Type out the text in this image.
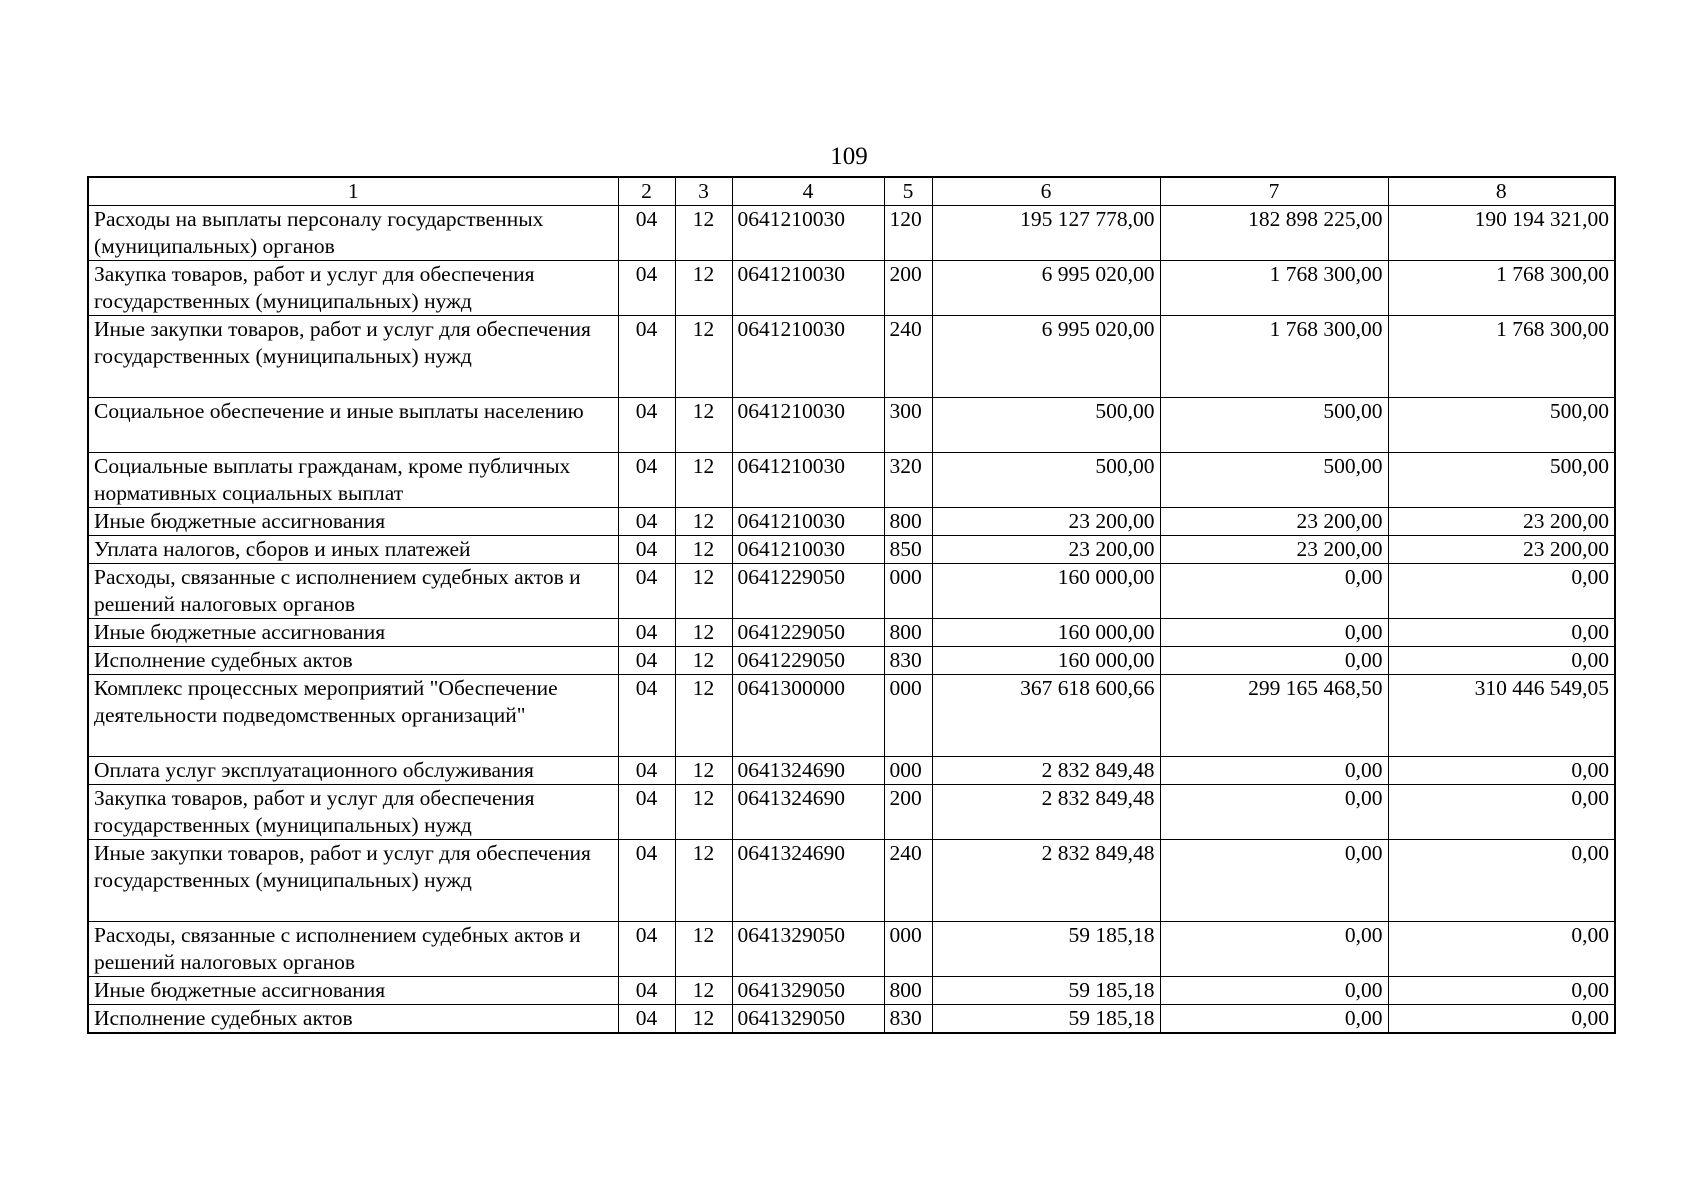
109
1	2	3	4	5	6	7	8
Расходы на выплаты персоналу государственных (муниципальных) органов	04	12	0641210030	120	195 127 778,00	182 898 225,00	190 194 321,00
Закупка товаров, работ и услуг для обеспечения государственных (муниципальных) нужд	04	12	0641210030	200	6 995 020,00	1 768 300,00	1 768 300,00
Иные закупки товаров, работ и услуг для обеспечения государственных (муниципальных) нужд	04	12	0641210030	240	6 995 020,00	1 768 300,00	1 768 300,00
Социальное обеспечение и иные выплаты населению	04	12	0641210030	300	500,00	500,00	500,00
Социальные выплаты гражданам, кроме публичных нормативных социальных выплат	04	12	0641210030	320	500,00	500,00	500,00
Иные бюджетные ассигнования	04	12	0641210030	800	23 200,00	23 200,00	23 200,00
Уплата налогов, сборов и иных платежей	04	12	0641210030	850	23 200,00	23 200,00	23 200,00
Расходы, связанные с исполнением судебных актов и решений налоговых органов	04	12	0641229050	000	160 000,00	0,00	0,00
Иные бюджетные ассигнования	04	12	0641229050	800	160 000,00	0,00	0,00
Исполнение судебных актов	04	12	0641229050	830	160 000,00	0,00	0,00
Комплекс процессных мероприятий "Обеспечение деятельности подведомственных организаций"	04	12	0641300000	000	367 618 600,66	299 165 468,50	310 446 549,05
Оплата услуг эксплуатационного обслуживания	04	12	0641324690	000	2 832 849,48	0,00	0,00
Закупка товаров, работ и услуг для обеспечения государственных (муниципальных) нужд	04	12	0641324690	200	2 832 849,48	0,00	0,00
Иные закупки товаров, работ и услуг для обеспечения государственных (муниципальных) нужд	04	12	0641324690	240	2 832 849,48	0,00	0,00
Расходы, связанные с исполнением судебных актов и решений налоговых органов	04	12	0641329050	000	59 185,18	0,00	0,00
Иные бюджетные ассигнования	04	12	0641329050	800	59 185,18	0,00	0,00
Исполнение судебных актов	04	12	0641329050	830	59 185,18	0,00	0,00
